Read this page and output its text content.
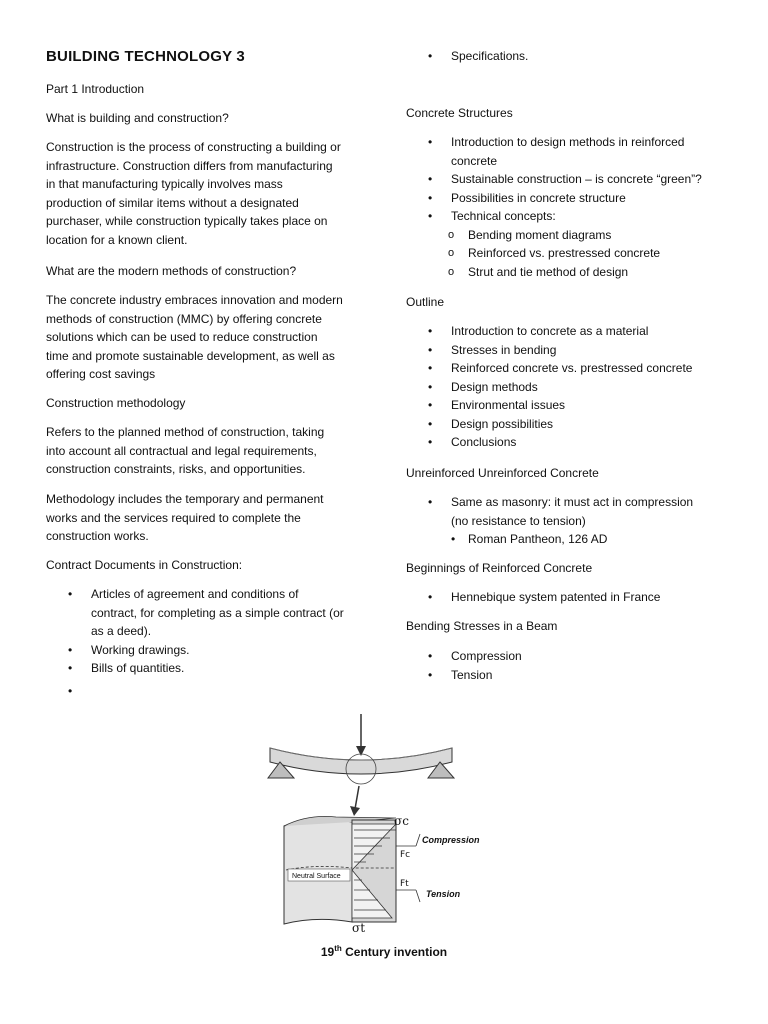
BUILDING TECHNOLOGY 3

Part 1 Introduction

What is building and construction?

Construction is the process of constructing a building or
infrastructure. Construction differs from manufacturing
in that manufacturing typically involves mass
production of similar items without a designated
purchaser, while construction typically takes place on
location for a known client.

What are the modern methods of construction?

The concrete industry embraces innovation and modern
methods of construction (MMC) by offering concrete
solutions which can be used to reduce construction
time and promote sustainable development, as well as
offering cost savings

Construction methodology

Refers to the planned method of construction, taking
into account all contractual and legal requirements,
construction constraints, risks, and opportunities.
Methodology includes the temporary and permanent
works and the services required to complete the
construction works.

Contract Documents in Construction:

• Articles of agreement and conditions of
contract, for completing as a simple contract (or
as a deed).
• Working drawings.
• Bills of quantities.
•
• Specifications.

Concrete Structures

• Introduction to design methods in reinforced
concrete
• Sustainable construction – is concrete “green”?
• Possibilities in concrete structure
• Technical concepts:
o Bending moment diagrams
o Reinforced vs. prestressed concrete
o Strut and tie method of design

Outline

• Introduction to concrete as a material
• Stresses in bending
• Reinforced concrete vs. prestressed concrete
• Design methods
• Environmental issues
• Design possibilities
• Conclusions

Unreinforced Unreinforced Concrete

• Same as masonry: it must act in compression
(no resistance to tension)
• Roman Pantheon, 126 AD

Beginnings of Reinforced Concrete

• Hennebique system patented in France

Bending Stresses in a Beam

• Compression
• Tension
σc
σt
Compression
Tension
Fc
Ft
Neutral Surface
19th Century invention
